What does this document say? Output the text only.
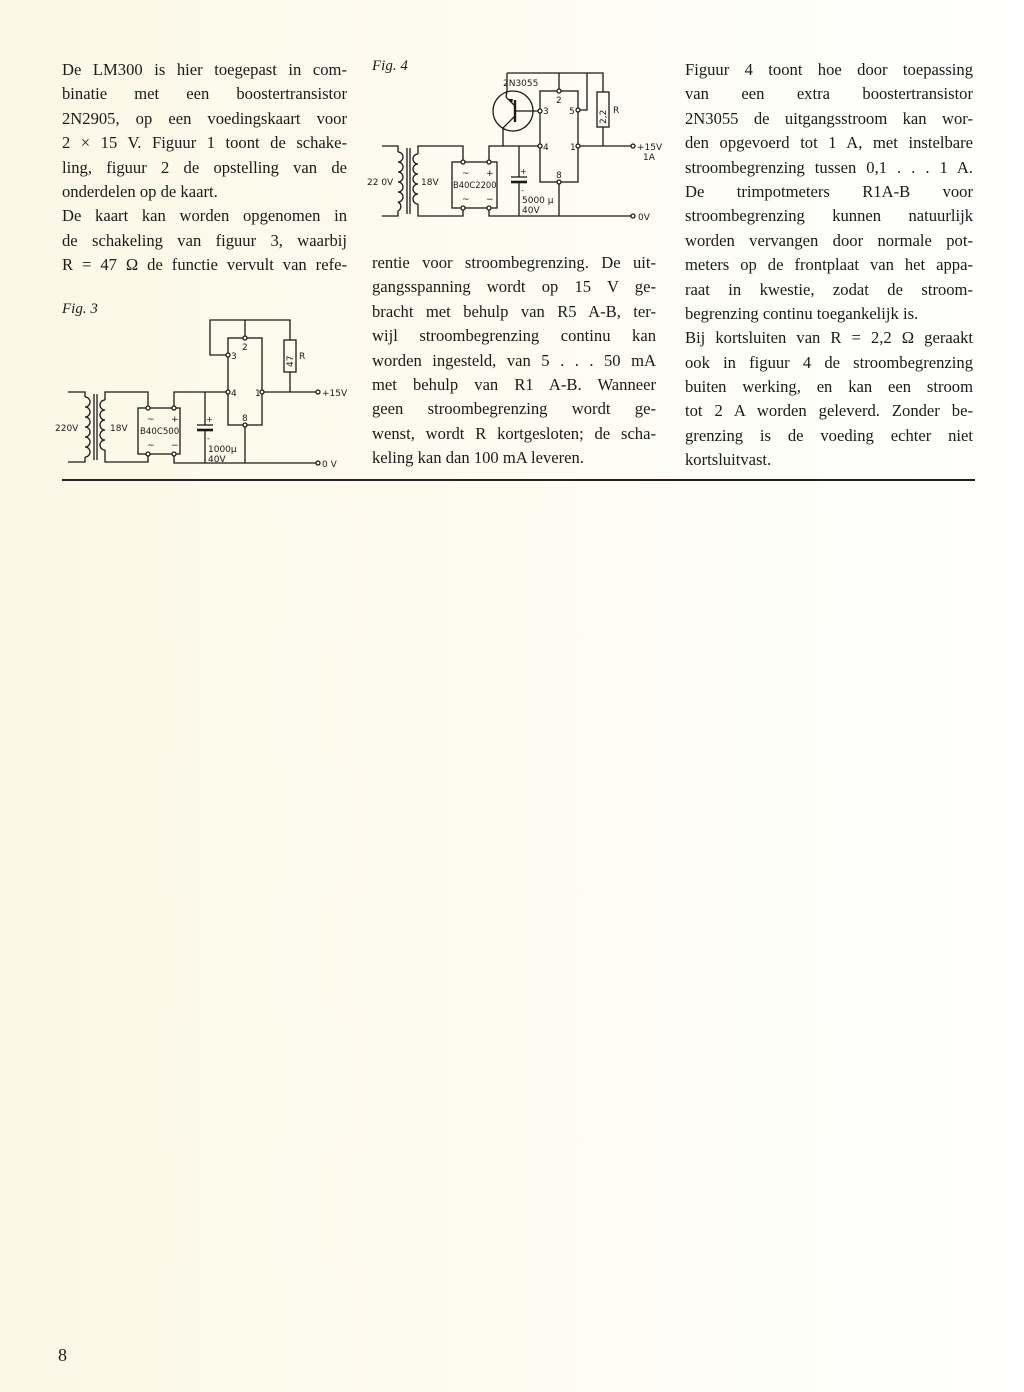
De LM300 is hier toegepast in com-
binatie met een boostertransistor
2N2905, op een voedingskaart voor
2 × 15 V. Figuur 1 toont de schake-
ling, figuur 2 de opstelling van de
onderdelen op de kaart.
De kaart kan worden opgenomen in
de schakeling van figuur 3, waarbij
R = 47 Ω de functie vervult van refe- rentie voor stroombegrenzing. De uit-
gangsspanning wordt op 15 V ge-
bracht met behulp van R5 A-B, ter-
wijl stroombegrenzing continu kan
worden ingesteld, van 5 . . . 50 mA
met behulp van R1 A-B. Wanneer
geen stroombegrenzing wordt ge-
wenst, wordt R kortgesloten; de scha-
keling kan dan 100 mA leveren.
Figuur 4 toont hoe door toepassing
van een extra boostertransistor
2N3055 de uitgangsstroom kan wor-
den opgevoerd tot 1 A, met instelbare
stroombegrenzing tussen 0,1 . . . 1 A.
De trimpotmeters R1A-B voor
stroombegrenzing kunnen natuurlijk
worden vervangen door normale pot-
meters op de frontplaat van het appa-
raat in kwestie, zodat de stroom-
begrenzing continu toegankelijk is.
Bij kortsluiten van R = 2,2 Ω geraakt
ook in figuur 4 de stroombegrenzing
buiten werking, en kan een stroom
tot 2 A worden geleverd. Zonder be-
grenzing is de voeding echter niet
kortsluitvast.
Fig. 3
Fig. 4
220V	18V
~ +
B40C500
~ −
+
-
1000µ
40V
2
3
4 1
8
47 R
+15V
0 V
2N3055
22 0V	18V
~ +
B40C2200
~ −
+
-
5000 µ
40V
2
3 5
4 1
8
2,2 R
+15V
1A
0V
8
